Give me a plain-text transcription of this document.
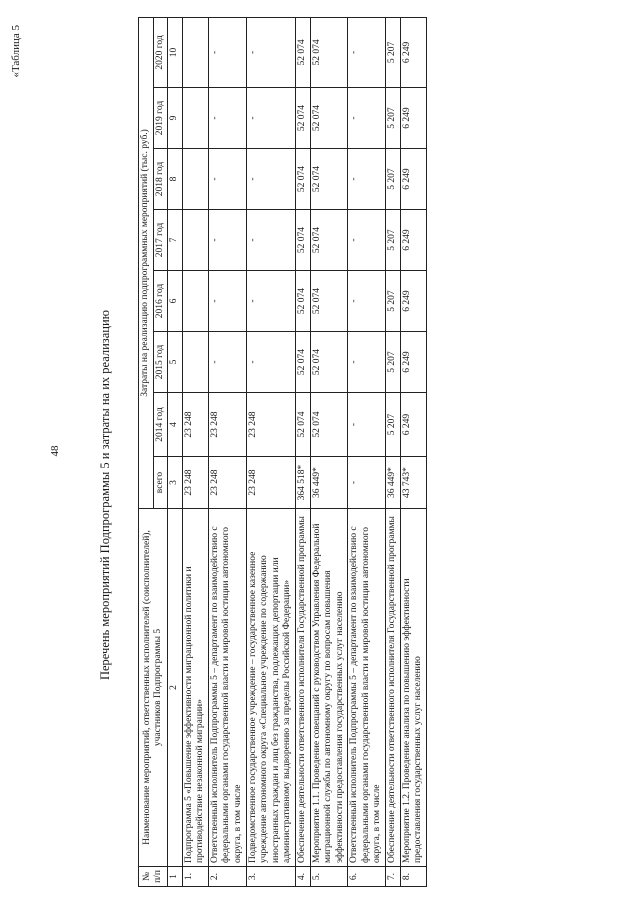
48
«Таблица 5
Перечень мероприятий Подпрограммы 5 и затраты на их реализацию
№ п/п	Наименование мероприятий, ответственных исполнителей (соисполнителей), участников Подпрограммы 5	Затраты на реализацию подпрограммных мероприятий (тыс. руб.)							
		всего	2014 год	2015 год	2016 год	2017 год	2018 год	2019 год	2020 год
1	2	3	4	5	6	7	8	9	10
1.	Подпрограмма 5 «Повышение эффективности миграционной политики и противодействие незаконной миграции»	23 248	23 248						
2.	Ответственный исполнитель Подпрограммы 5 – департамент по взаимодействию с федеральными органами государственной власти и мировой юстиции автономного округа, в том числе	23 248	23 248	-	-	-	-	-	-
3.	Подведомственное государственное учреждение – государственное казенное учреждение автономного округа «Специальное учреждение по содержанию иностранных граждан и лиц без гражданства, подлежащих депортации или административному выдворению за пределы Российской Федерации»	23 248	23 248	-	-	-	-	-	-
4.	Обеспечение деятельности ответственного исполнителя Государственной программы	364 518*	52 074	52 074	52 074	52 074	52 074	52 074	52 074
5.	Мероприятие 1.1. Проведение совещаний с руководством Управления Федеральной миграционной службы по автономному округу по вопросам повышения эффективности предоставления государственных услуг населению	36 449*	52 074	52 074	52 074	52 074	52 074	52 074	52 074
6.	Ответственный исполнитель Подпрограммы 5 – департамент по взаимодействию с федеральными органами государственной власти и мировой юстиции автономного округа, в том числе	-	-	-	-	-	-	-	-
7.	Обеспечение деятельности ответственного исполнителя Государственной программы	36 449*	5 207	5 207	5 207	5 207	5 207	5 207	5 207
8.	Мероприятие 1.2. Проведение анализа по повышению эффективности предоставления государственных услуг населению	43 743*	6 249	6 249	6 249	6 249	6 249	6 249	6 249
